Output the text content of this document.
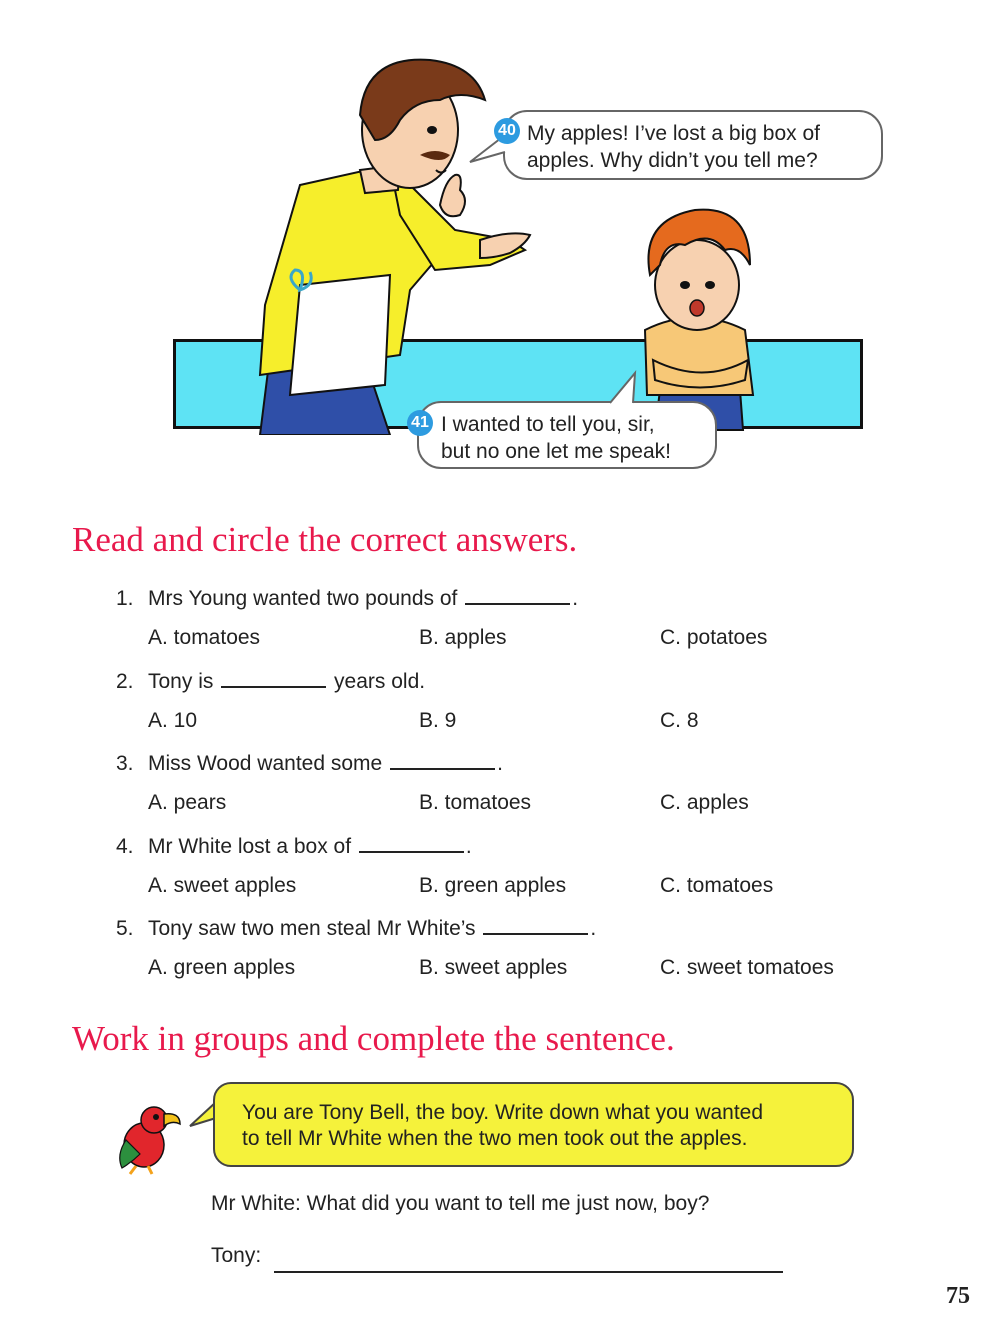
My apples! I’ve lost a big box of
apples. Why didn’t you tell me?
40
I wanted to tell you, sir,
but no one let me speak!
41
Read and circle the correct answers.
1. Mrs Young wanted two pounds of	.
A. tomatoes	B. apples	C. potatoes
2. Tony is	years old.
A. 10	B. 9	C. 8
3. Miss Wood wanted some	.
A. pears	B. tomatoes	C. apples
4. Mr White lost a box of	.
A. sweet apples	B. green apples	C. tomatoes
5. Tony saw two men steal Mr White’s	.
A. green apples	B. sweet apples	C. sweet tomatoes
Work in groups and complete the sentence.
You are Tony Bell, the boy. Write down what you wanted
to tell Mr White when the two men took out the apples.
Mr White: What did you want to tell me just now, boy?
Tony:
75
